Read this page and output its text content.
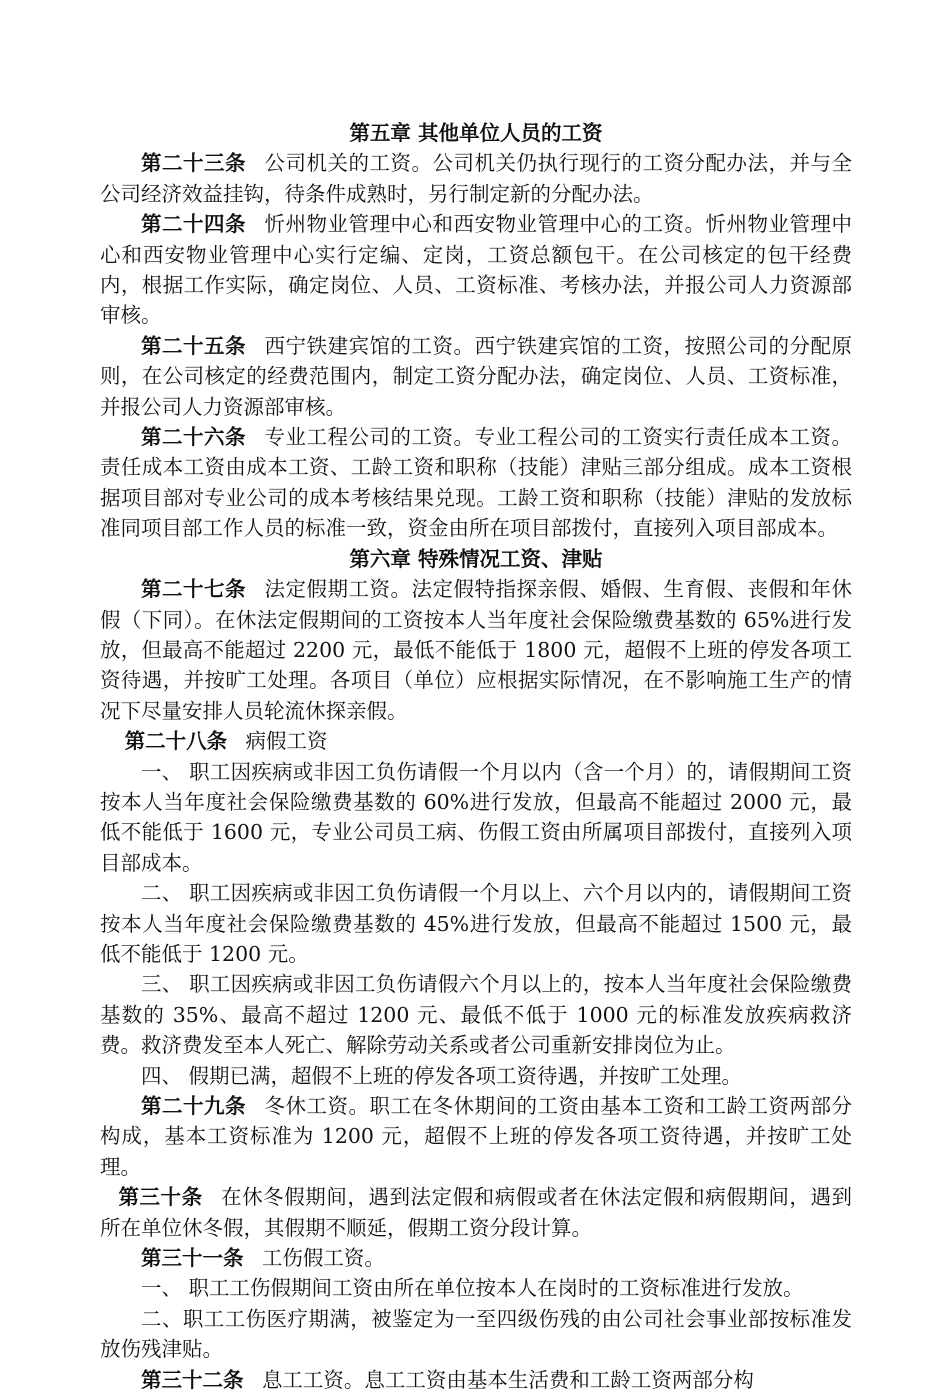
第五章 其他单位人员的工资

第二十三条 公司机关的工资。公司机关仍执行现行的工资分配办法，并与全公司经济效益挂钩，待条件成熟时，另行制定新的分配办法。

第二十四条 忻州物业管理中心和西安物业管理中心的工资。忻州物业管理中心和西安物业管理中心实行定编、定岗，工资总额包干。在公司核定的包干经费内，根据工作实际，确定岗位、人员、工资标准、考核办法，并报公司人力资源部审核。

第二十五条 西宁铁建宾馆的工资。西宁铁建宾馆的工资，按照公司的分配原则，在公司核定的经费范围内，制定工资分配办法，确定岗位、人员、工资标准，并报公司人力资源部审核。

第二十六条 专业工程公司的工资。专业工程公司的工资实行责任成本工资。责任成本工资由成本工资、工龄工资和职称（技能）津贴三部分组成。成本工资根据项目部对专业公司的成本考核结果兑现。工龄工资和职称（技能）津贴的发放标准同项目部工作人员的标准一致，资金由所在项目部拨付，直接列入项目部成本。

第六章 特殊情况工资、津贴

第二十七条 法定假期工资。法定假特指探亲假、婚假、生育假、丧假和年休假（下同）。在休法定假期间的工资按本人当年度社会保险缴费基数的 65%进行发放，但最高不能超过 2200 元，最低不能低于 1800 元，超假不上班的停发各项工资待遇，并按旷工处理。各项目（单位）应根据实际情况，在不影响施工生产的情况下尽量安排人员轮流休探亲假。

第二十八条 病假工资

一、 职工因疾病或非因工负伤请假一个月以内（含一个月）的，请假期间工资按本人当年度社会保险缴费基数的 60%进行发放，但最高不能超过 2000 元，最低不能低于 1600 元，专业公司员工病、伤假工资由所属项目部拨付，直接列入项目部成本。

二、 职工因疾病或非因工负伤请假一个月以上、六个月以内的，请假期间工资按本人当年度社会保险缴费基数的 45%进行发放，但最高不能超过 1500 元，最低不能低于 1200 元。

三、 职工因疾病或非因工负伤请假六个月以上的，按本人当年度社会保险缴费基数的 35%、最高不超过 1200 元、最低不低于 1000 元的标准发放疾病救济费。救济费发至本人死亡、解除劳动关系或者公司重新安排岗位为止。

四、 假期已满，超假不上班的停发各项工资待遇，并按旷工处理。

第二十九条 冬休工资。职工在冬休期间的工资由基本工资和工龄工资两部分构成，基本工资标准为 1200 元，超假不上班的停发各项工资待遇，并按旷工处理。

第三十条 在休冬假期间，遇到法定假和病假或者在休法定假和病假期间，遇到所在单位休冬假，其假期不顺延，假期工资分段计算。

第三十一条 工伤假工资。

一、 职工工伤假期间工资由所在单位按本人在岗时的工资标准进行发放。

二、职工工伤医疗期满，被鉴定为一至四级伤残的由公司社会事业部按标准发放伤残津贴。

第三十二条 息工工资。息工工资由基本生活费和工龄工资两部分构
